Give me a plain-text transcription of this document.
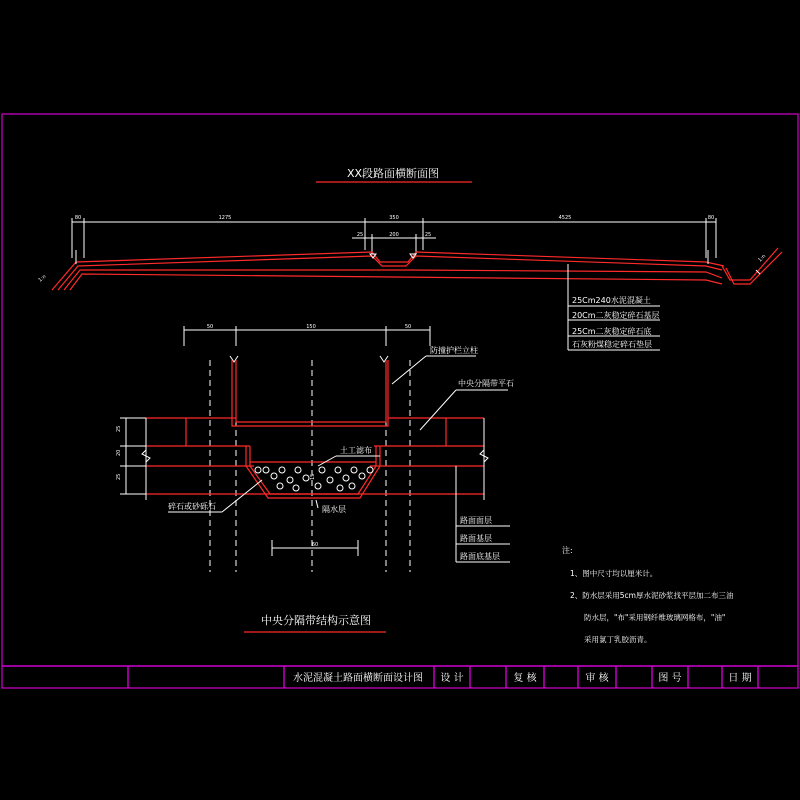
水泥混凝土路面横断面设计图 设 计	复 核	审 核	图 号	日 期
XX段路面横断面图
80	1275	350	4525	80
25	200	25
1:n
1:n
25Cm240水泥混凝土
20Cm二灰稳定碎石基层
25Cm二灰稳定碎石底
石灰粉煤稳定碎石垫层
50	150	50
25
20
25	15
60
防撞护栏立柱
中央分隔带平石
土工滤布
碎石或砂砾石	隔水层
路面面层
路面基层
路面底基层
中央分隔带结构示意图
注:
1、图中尺寸均以厘米计。
2、防水层采用5cm厚水泥砂浆找平层加二布三油
防水层，"布"采用钢纤维玻璃网格布，"油"
采用氯丁乳胶沥青。
